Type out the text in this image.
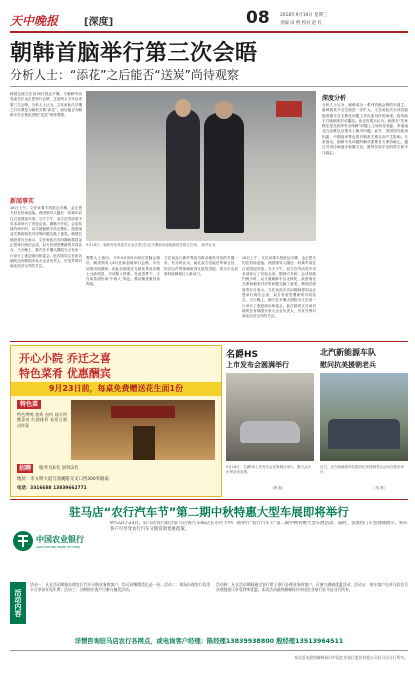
天中晚报	[深度]	08 2018年9月19日 星期三
责编 田 野 校对 赵 红
朝韩首脑举行第三次会晤
分析人士：“添花”之后能否“送炭”尚待观察
韩国总统文在寅18日抵达平壤，与朝鲜劳动党委员长金正恩举行会晤，这是两人今年以来第三次会晤。分析人士认为，文在寅此次平壤之行可谓是为朝美关系“添花”，而后能否为朝鲜半岛无核化进程“送炭”尚待观察。
新闻事实
18日上午，文在寅乘专机抵达平壤，金正恩夫妇在机场迎接。两国领导人随后一同乘车前往百花园迎宾馆。当天下午，双方在劳动党中央本部举行了首轮会谈。据韩方介绍，会谈持续约两小时，双方就朝鲜半岛无核化、改善南北关系和朝美对话等问题交换了意见。韩国总统府青瓦台表示，文在寅此次访问期间将同金正恩举行两次会谈，双方有望签署新的共同宣言。当天晚上，朝方在平壤大剧院为文在寅一行举行了欢迎演出和宴会。此次陪同文在寅访朝的还有韩国多家大企业负责人，引发外界对南北经济合作的关注。
9月18日，朝鲜劳动党委员长金正恩(右)在平壤机场迎接韩国总统文在寅。 新华社发
观察人士指出，今年4月和5月两次首脑会晤后，朝美领导人6月在新加坡举行会晤，半岛局势出现缓和。但此后朝美在无核化具体步骤上分歧明显，对话陷入停滞。在此背景下，文在寅希望扮演“中间人”角色，推动朝美重回谈判桌。
文在寅此行被外界视为推动朝美对话的关键一步。有分析认为，南北双方若能在军事互信、经济合作等领域取得实质性进展，将为半岛局势持续缓和注入新动力。
18日上午，文在寅乘专机抵达平壤，金正恩夫妇在机场迎接。两国领导人随后一同乘车前往百花园迎宾馆。当天下午，双方在劳动党中央本部举行了首轮会谈。据韩方介绍，会谈持续约两小时，双方就朝鲜半岛无核化、改善南北关系和朝美对话等问题交换了意见。韩国总统府青瓦台表示，文在寅此次访问期间将同金正恩举行两次会谈，双方有望签署新的共同宣言。当天晚上，朝方在平壤大剧院为文在寅一行举行了欢迎演出和宴会。此次陪同文在寅访朝的还有韩国多家大企业负责人，引发外界对南北经济合作的关注。
深度分析
分析人士认为，朝鲜成为一系列首脑会晤的东道主，意味着其外交空间进一步扩大。文在寅此次访问若能促成朝方在无核化问题上作出更具体的承诺，将有助于打破朝美对话僵局。但也有观点认为，朝美在“先弃核还是先获得安全保障”问题上立场仍存差距，单靠南北互动难以从根本上解决问题。此外，美国国内政治因素、中期选举等也将对朝美关系走向产生影响。专家指出，朝鲜半岛问题的解决需要各方保持耐心，通过对话协商逐步积累互信，最终实现半岛的持久和平与稳定。
开心小院 乔迁之喜
特色菜肴 优惠酬宾
9月23日前，每桌免费赠送花生面1份
特色菜
特色烤鸭 烧鸡 卤肉 炖羊肉 酸菜鱼 红烧排骨 家常豆腐 凉拌菜
招聘	服务员6名 厨师2名
地址：市文明大道与清溪路交叉口西300米路南
电话：3316688 13839662771
名爵HS
上市发布会圆满举行
9月16日，名爵HS上市发布会在驿城区举行，吸引众多市民前来参观。
（鲁 磊）
北汽新能源车队
慰问抗美援朝老兵
近日，北汽新能源车队慰问抗美援朝老兵活动在我市举行。
（吴 晨）
驻马店“农行汽车节”第二期中秋特惠大型车展即将举行
9月22日-23日，驻马店农行联合驻马店各汽车4S店在市区天中广场举行“农行汽车节”第二期中秋特惠大型车展活动，届时，多款热门车型现场展示，购车客户可享受农行汽车分期贷款优惠政策。
中国农业银行
AGRICULTURAL BANK OF CHINA
活动内容
活动一：凡在活动期间办理农行汽车分期业务的客户，均可获赠精美礼品一份；活动二：现场办理农行信用卡可享首年免年费；活动三：分期购车客户可参与抽奖活动。
活动四：凡在活动期间通过农行掌上银行办理业务的客户，可参与满减优惠活动；活动五：购车客户在驻马店农行办理贷款可享受利率优惠。本次活动最终解释权归中国农业银行驻马店分行所有。
详情咨询驻马店农行各网点，或电询客户经理：陈经理13839938800 殷经理13513964511
本次活动最终解释权归中国农业银行股份有限公司驻马店分行所有。
